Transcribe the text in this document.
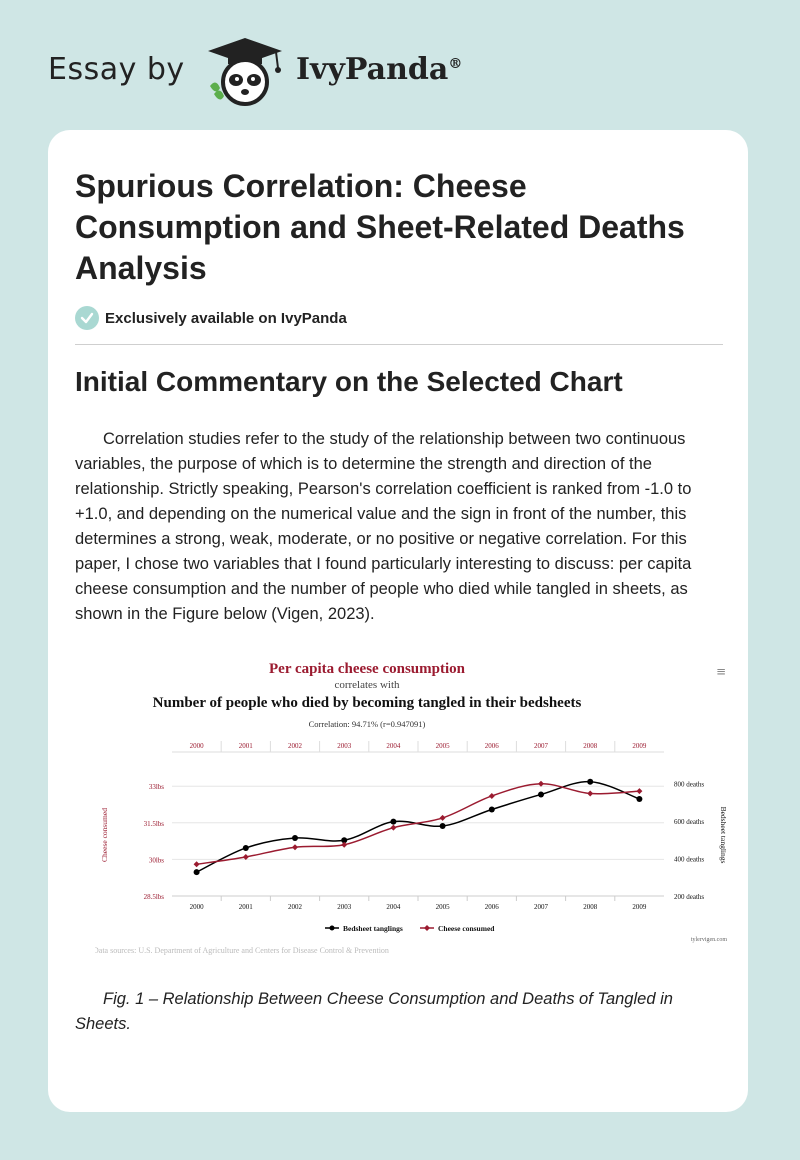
Essay by	IvyPanda®
Spurious Correlation: Cheese Consumption and Sheet-Related Deaths Analysis
Exclusively available on IvyPanda
Initial Commentary on the Selected Chart

Correlation studies refer to the study of the relationship between two continuous variables, the purpose of which is to determine the strength and direction of the relationship. Strictly speaking, Pearson's correlation coefficient is ranked from -1.0 to +1.0, and depending on the numerical value and the sign in front of the number, this determines a strong, weak, moderate, or no positive or negative correlation. For this paper, I chose two variables that I found particularly interesting to discuss: per capita cheese consumption and the number of people who died while tangled in sheets, as shown in the Figure below (Vigen, 2023).

Per capita cheese consumption
correlates with
Number of people who died by becoming tangled in their bedsheets
Correlation: 94.71% (r=0.947091)
≡
2000	2001	2002	2003	2004	2005	2006	2007	2008	2009
28.5lbs
30lbs
31.5lbs
33lbs
200 deaths
400 deaths
600 deaths
800 deaths
Cheese consumed	Bedsheet tanglings
2000	2001	2002	2003	2004	2005	2006	2007	2008	2009
Bedsheet tanglings	Cheese consumed
Data sources: U.S. Department of Agriculture and Centers for Disease Control & Prevention
tylervigen.com

Fig. 1 – Relationship Between Cheese Consumption and Deaths of Tangled in Sheets.
